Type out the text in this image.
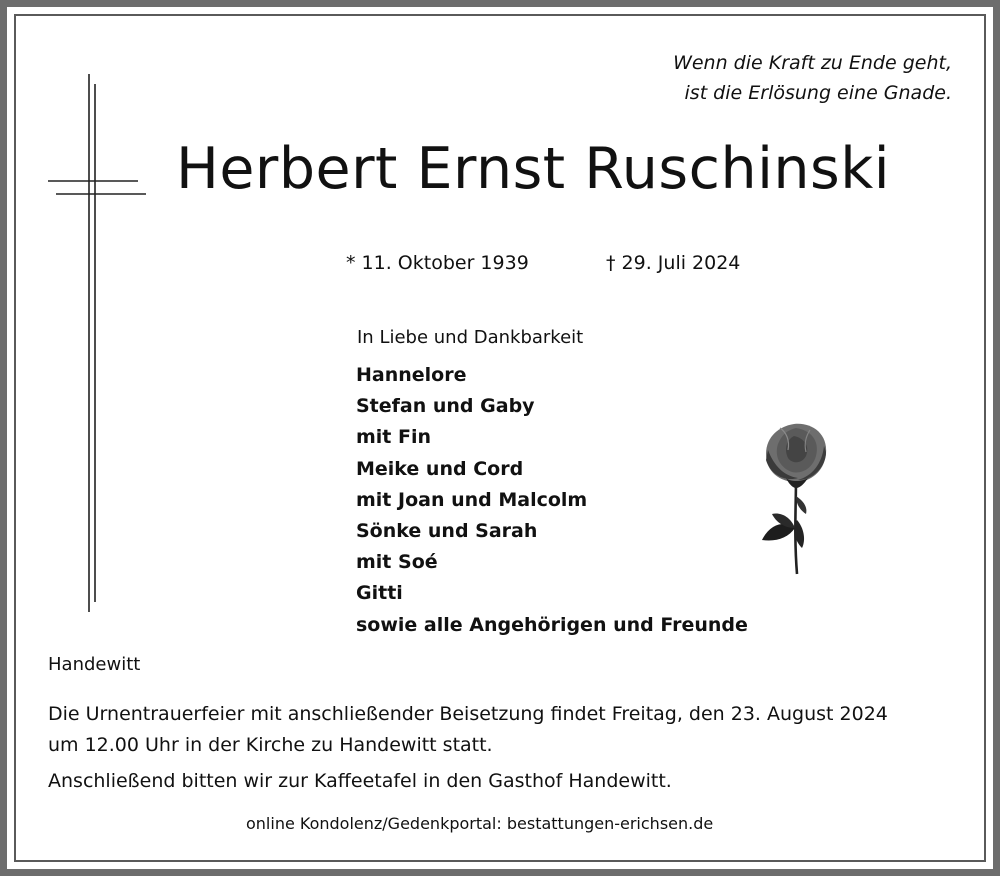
Wenn die Kraft zu Ende geht,
ist die Erlösung eine Gnade.
Herbert Ernst Ruschinski
* 11. Oktober 1939	† 29. Juli 2024
In Liebe und Dankbarkeit
Hannelore
Stefan und Gaby
mit Fin
Meike und Cord
mit Joan und Malcolm
Sönke und Sarah
mit Soé
Gitti
sowie alle Angehörigen und Freunde
Handewitt
Die Urnentrauerfeier mit anschließender Beisetzung findet Freitag, den 23. August 2024
um 12.00 Uhr in der Kirche zu Handewitt statt.
Anschließend bitten wir zur Kaffeetafel in den Gasthof Handewitt.
online Kondolenz/Gedenkportal: bestattungen-erichsen.de
